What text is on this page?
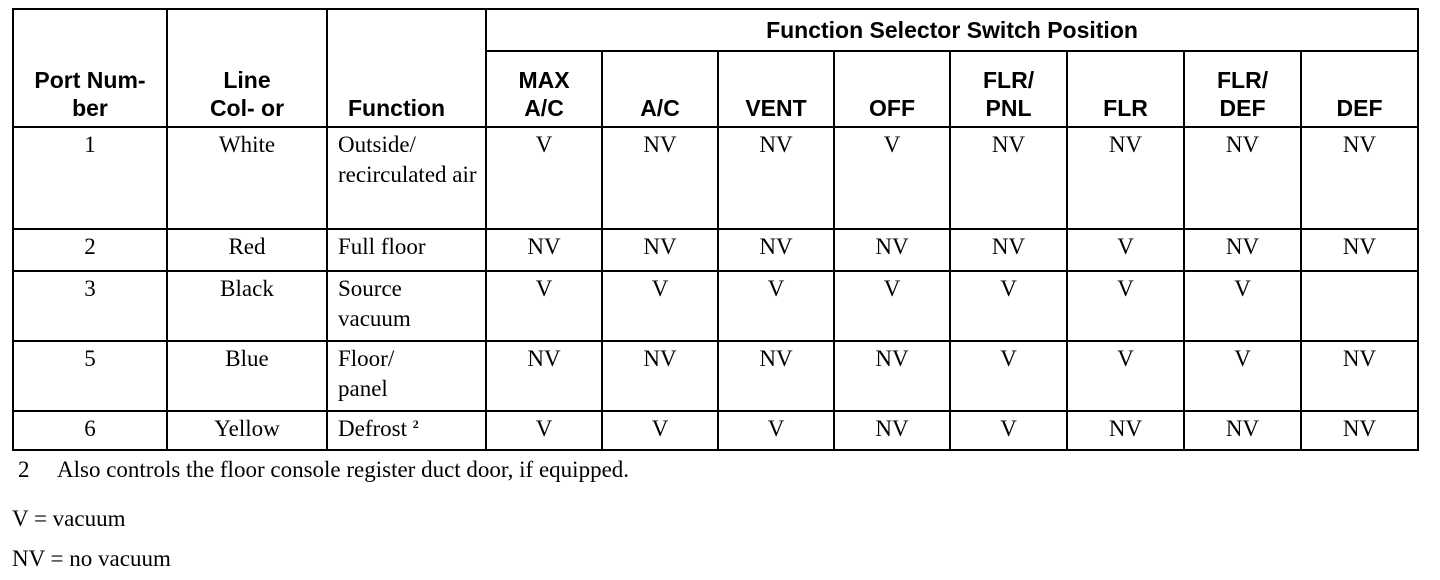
Port Num- ber	Line Col- or	Function	Function Selector Switch Position							
			MAX A/C	A/C	VENT	OFF	FLR/ PNL	FLR	FLR/ DEF	DEF
1	White	Outside/ recirculated air	V	NV	NV	V	NV	NV	NV	NV
2	Red	Full floor	NV	NV	NV	NV	NV	V	NV	NV
3	Black	Source vacuum	V	V	V	V	V	V	V	
5	Blue	Floor/ panel	NV	NV	NV	NV	V	V	V	NV
6	Yellow	Defrost $^2$	V	V	V	NV	V	NV	NV	NV
2 Also controls the floor console register duct door, if equipped.
V = vacuum
NV = no vacuum
